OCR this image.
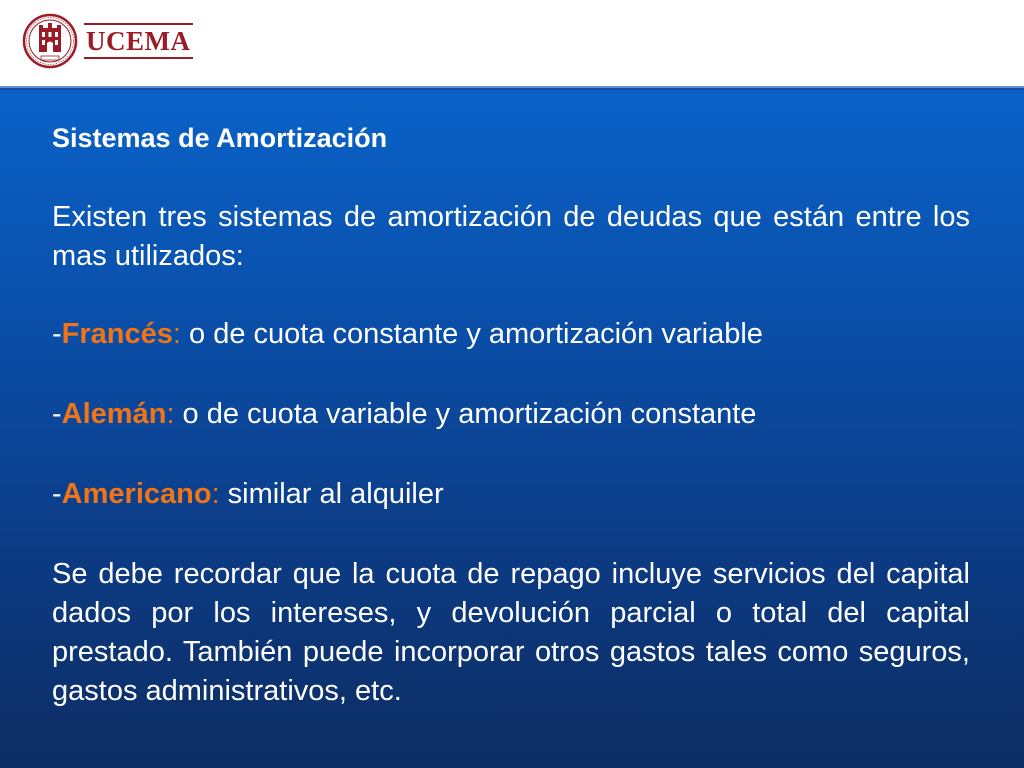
UCEMA

Sistemas de Amortización

Existen tres sistemas de amortización de deudas que están entre los mas utilizados:

-Francés: o de cuota constante y amortización variable

-Alemán: o de cuota variable y amortización constante

-Americano: similar al alquiler

Se debe recordar que la cuota de repago incluye servicios del capital dados por los intereses, y devolución parcial o total del capital prestado. También puede incorporar otros gastos tales como seguros, gastos administrativos, etc.
